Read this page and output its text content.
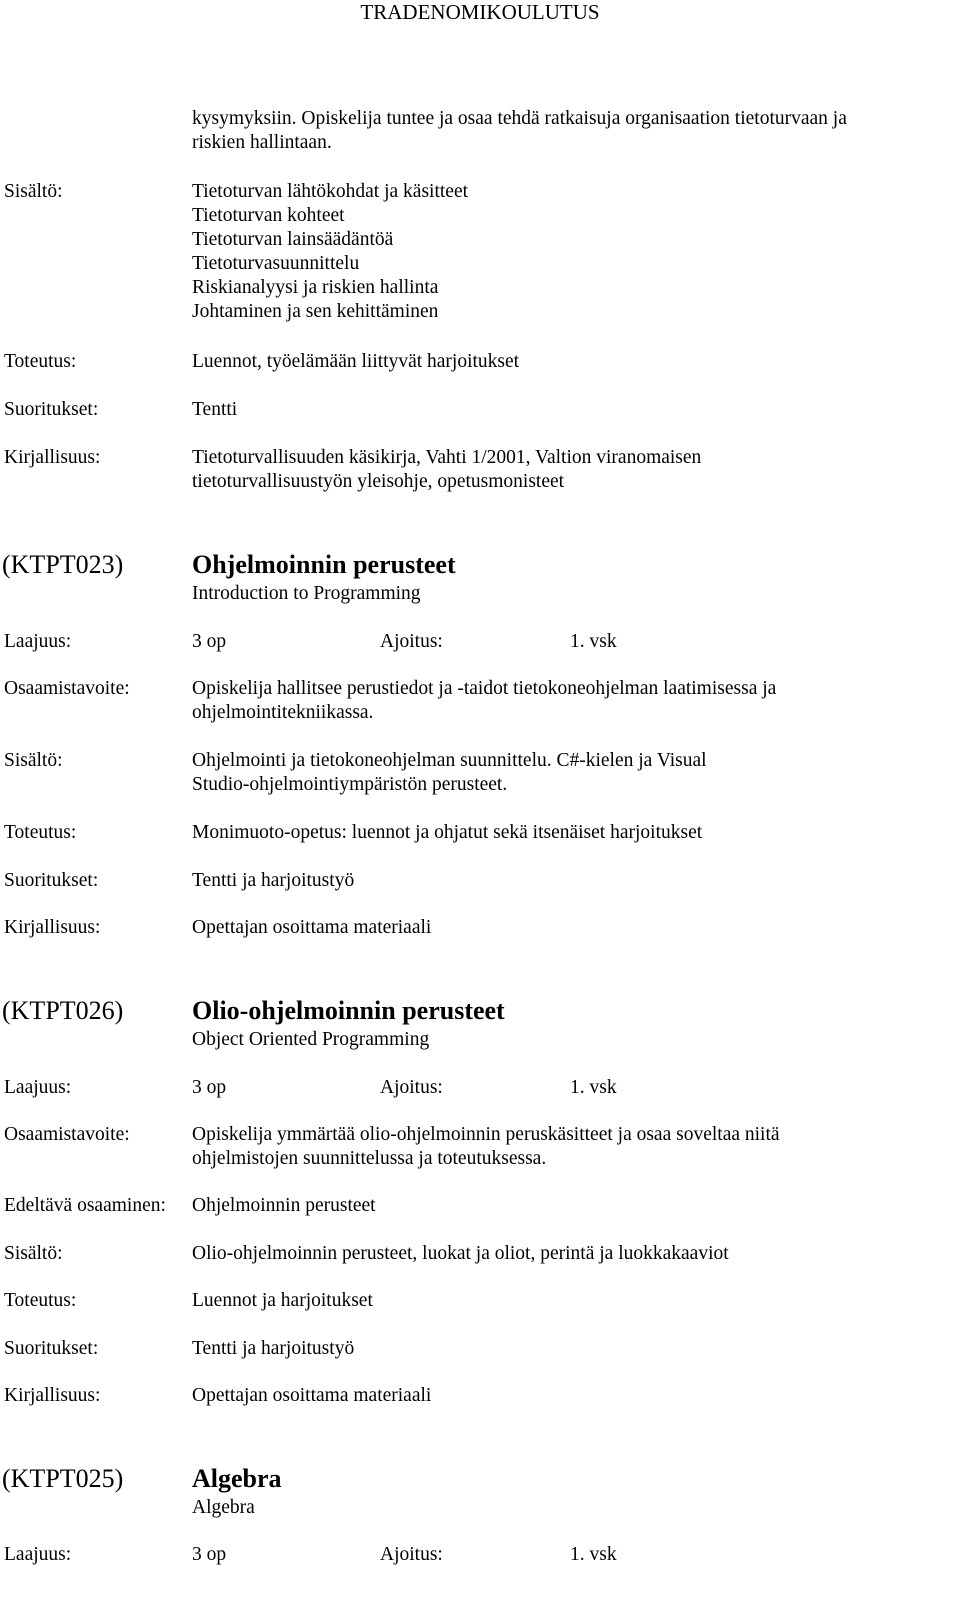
TRADENOMIKOULUTUS
kysymyksiin. Opiskelija tuntee ja osaa tehdä ratkaisuja organisaation tietoturvaan ja
riskien hallintaan.
Sisältö:	Tietoturvan lähtökohdat ja käsitteet
Tietoturvan kohteet
Tietoturvan lainsäädäntöä
Tietoturvasuunnittelu
Riskianalyysi ja riskien hallinta
Johtaminen ja sen kehittäminen
Toteutus:	Luennot, työelämään liittyvät harjoitukset
Suoritukset:	Tentti
Kirjallisuus:	Tietoturvallisuuden käsikirja, Vahti 1/2001, Valtion viranomaisen
tietoturvallisuustyön yleisohje, opetusmonisteet
(KTPT023)	Ohjelmoinnin perusteet
Introduction to Programming
Laajuus:	3 op	Ajoitus:	1. vsk
Osaamistavoite:	Opiskelija hallitsee perustiedot ja -taidot tietokoneohjelman laatimisessa ja
ohjelmointitekniikassa.
Sisältö:	Ohjelmointi ja tietokoneohjelman suunnittelu. C#-kielen ja Visual
Studio-ohjelmointiympäristön perusteet.
Toteutus:	Monimuoto-opetus: luennot ja ohjatut sekä itsenäiset harjoitukset
Suoritukset:	Tentti ja harjoitustyö
Kirjallisuus:	Opettajan osoittama materiaali
(KTPT026)	Olio-ohjelmoinnin perusteet
Object Oriented Programming
Laajuus:	3 op	Ajoitus:	1. vsk
Osaamistavoite:	Opiskelija ymmärtää olio-ohjelmoinnin peruskäsitteet ja osaa soveltaa niitä
ohjelmistojen suunnittelussa ja toteutuksessa.
Edeltävä osaaminen: Ohjelmoinnin perusteet
Sisältö:	Olio-ohjelmoinnin perusteet, luokat ja oliot, perintä ja luokkakaaviot
Toteutus:	Luennot ja harjoitukset
Suoritukset:	Tentti ja harjoitustyö
Kirjallisuus:	Opettajan osoittama materiaali
(KTPT025)	Algebra
Algebra
Laajuus:	3 op	Ajoitus:	1. vsk
